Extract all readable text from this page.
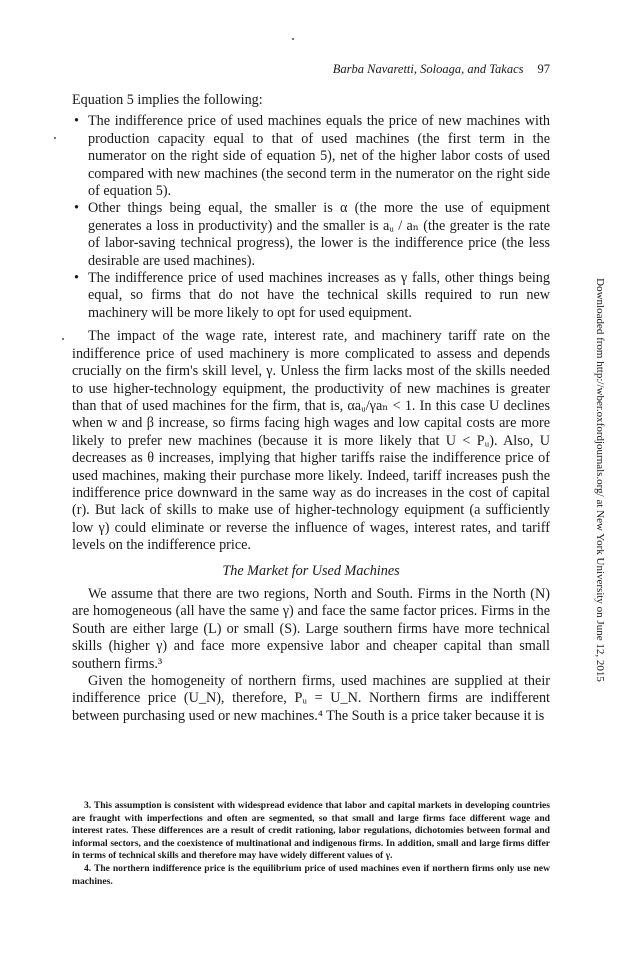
Barba Navaretti, Soloaga, and Takacs 97

Equation 5 implies the following:

• The indifference price of used machines equals the price of new machines with production capacity equal to that of used machines (the first term in the numerator on the right side of equation 5), net of the higher labor costs of used compared with new machines (the second term in the numerator on the right side of equation 5).
• Other things being equal, the smaller is α (the more the use of equipment generates a loss in productivity) and the smaller is aᵤ / aₙ (the greater is the rate of labor-saving technical progress), the lower is the indifference price (the less desirable are used machines).
• The indifference price of used machines increases as γ falls, other things being equal, so firms that do not have the technical skills required to run new machinery will be more likely to opt for used equipment.

The impact of the wage rate, interest rate, and machinery tariff rate on the indifference price of used machinery is more complicated to assess and depends crucially on the firm's skill level, γ. Unless the firm lacks most of the skills needed to use higher-technology equipment, the productivity of new machines is greater than that of used machines for the firm, that is, αaᵤ/γaₙ < 1. In this case U declines when w and β increase, so firms facing high wages and low capital costs are more likely to prefer new machines (because it is more likely that U < Pᵤ). Also, U decreases as θ increases, implying that higher tariffs raise the indifference price of used machines, making their purchase more likely. Indeed, tariff increases push the indifference price downward in the same way as do increases in the cost of capital (r). But lack of skills to make use of higher-technology equipment (a sufficiently low γ) could eliminate or reverse the influence of wages, interest rates, and tariff levels on the indifference price.

The Market for Used Machines

We assume that there are two regions, North and South. Firms in the North (N) are homogeneous (all have the same γ) and face the same factor prices. Firms in the South are either large (L) or small (S). Large southern firms have more technical skills (higher γ) and face more expensive labor and cheaper capital than small southern firms.³

Given the homogeneity of northern firms, used machines are supplied at their indifference price (U_N), therefore, Pᵤ = U_N. Northern firms are indifferent between purchasing used or new machines.⁴ The South is a price taker because it is

3. This assumption is consistent with widespread evidence that labor and capital markets in developing countries are fraught with imperfections and often are segmented, so that small and large firms face different wage and interest rates. These differences are a result of credit rationing, labor regulations, dichotomies between formal and informal sectors, and the coexistence of multinational and indigenous firms. In addition, small and large firms differ in terms of technical skills and therefore may have widely different values of γ.

4. The northern indifference price is the equilibrium price of used machines even if northern firms only use new machines.

Downloaded from http://wber.oxfordjournals.org/ at New York University on June 12, 2015
